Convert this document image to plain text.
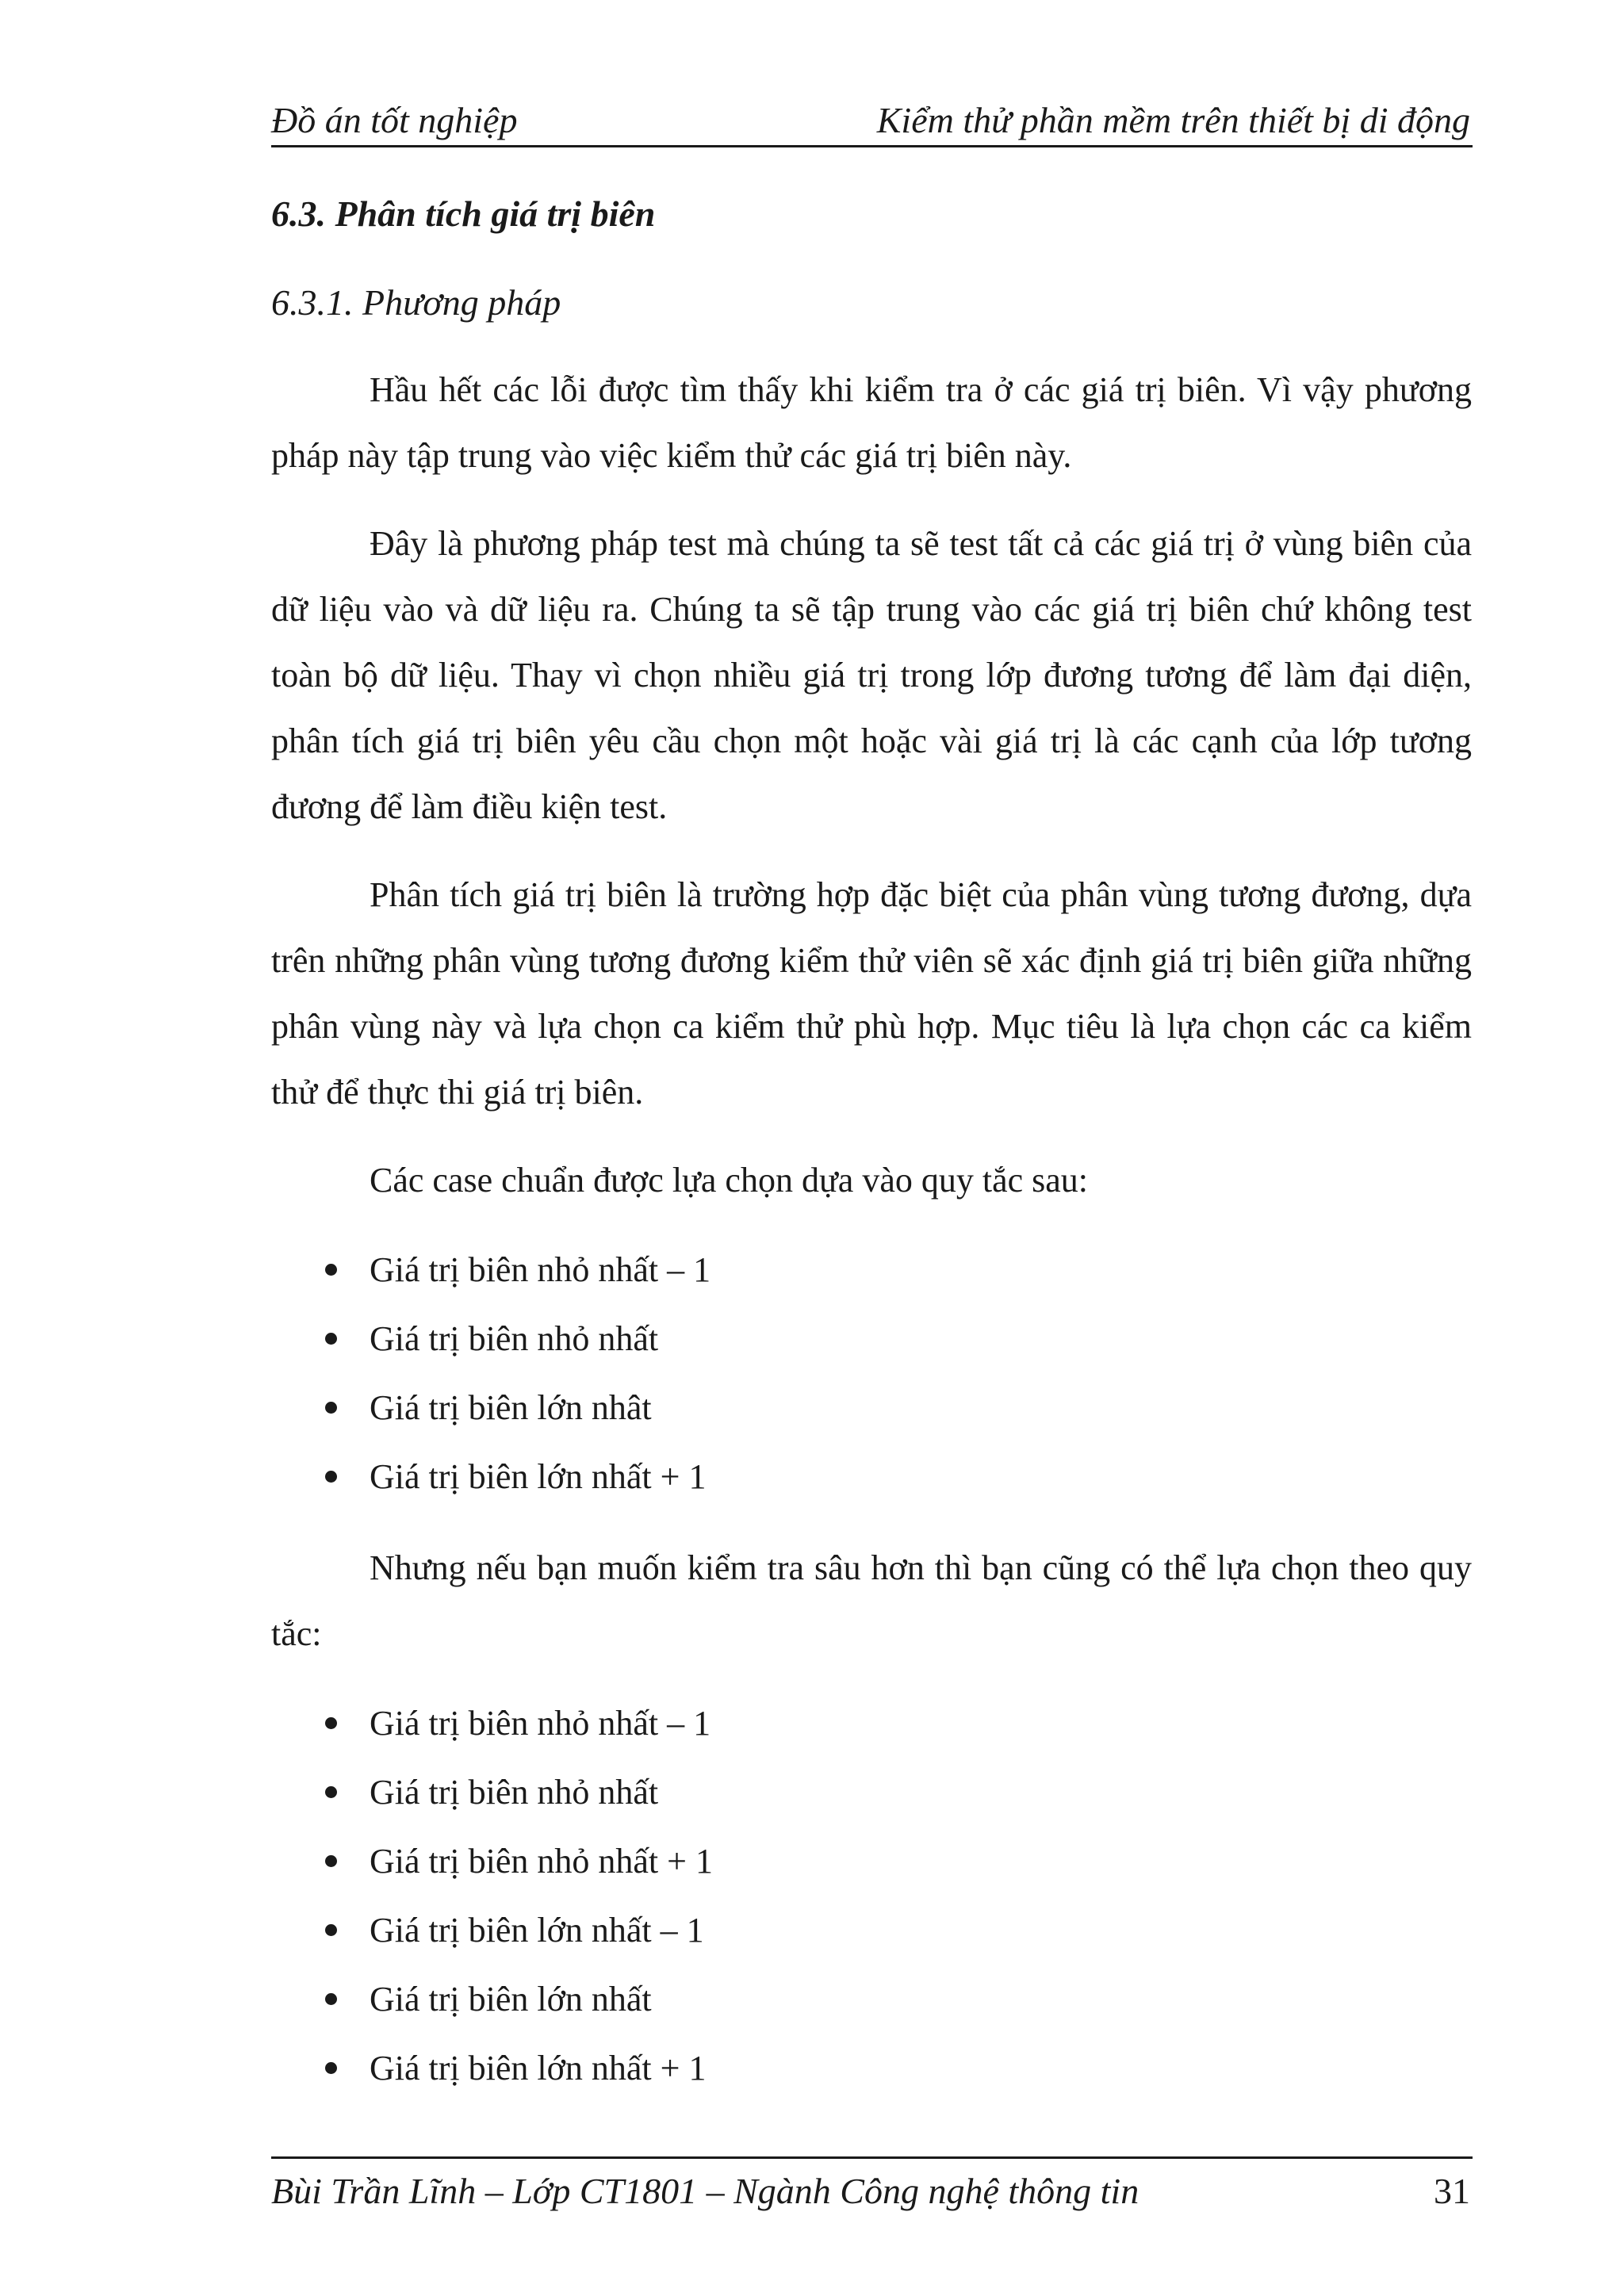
Đồ án tốt nghiệp	Kiểm thử phần mềm trên thiết bị di động
6.3. Phân tích giá trị biên
6.3.1. Phương pháp

Hầu hết các lỗi được tìm thấy khi kiểm tra ở các giá trị biên. Vì vậy phương pháp này tập trung vào việc kiểm thử các giá trị biên này.

Đây là phương pháp test mà chúng ta sẽ test tất cả các giá trị ở vùng biên của dữ liệu vào và dữ liệu ra. Chúng ta sẽ tập trung vào các giá trị biên chứ không test toàn bộ dữ liệu. Thay vì chọn nhiều giá trị trong lớp đương tương để làm đại diện, phân tích giá trị biên yêu cầu chọn một hoặc vài giá trị là các cạnh của lớp tương đương để làm điều kiện test.

Phân tích giá trị biên là trường hợp đặc biệt của phân vùng tương đương, dựa trên những phân vùng tương đương kiểm thử viên sẽ xác định giá trị biên giữa những phân vùng này và lựa chọn ca kiểm thử phù hợp. Mục tiêu là lựa chọn các ca kiểm thử để thực thi giá trị biên.

Các case chuẩn được lựa chọn dựa vào quy tắc sau:

Giá trị biên nhỏ nhất – 1
Giá trị biên nhỏ nhất
Giá trị biên lớn nhât
Giá trị biên lớn nhất + 1

Nhưng nếu bạn muốn kiểm tra sâu hơn thì bạn cũng có thể lựa chọn theo quy tắc:

Giá trị biên nhỏ nhất – 1
Giá trị biên nhỏ nhất
Giá trị biên nhỏ nhất + 1
Giá trị biên lớn nhất – 1
Giá trị biên lớn nhất
Giá trị biên lớn nhất + 1
Bùi Trần Lĩnh – Lớp CT1801 – Ngành Công nghệ thông tin	31
